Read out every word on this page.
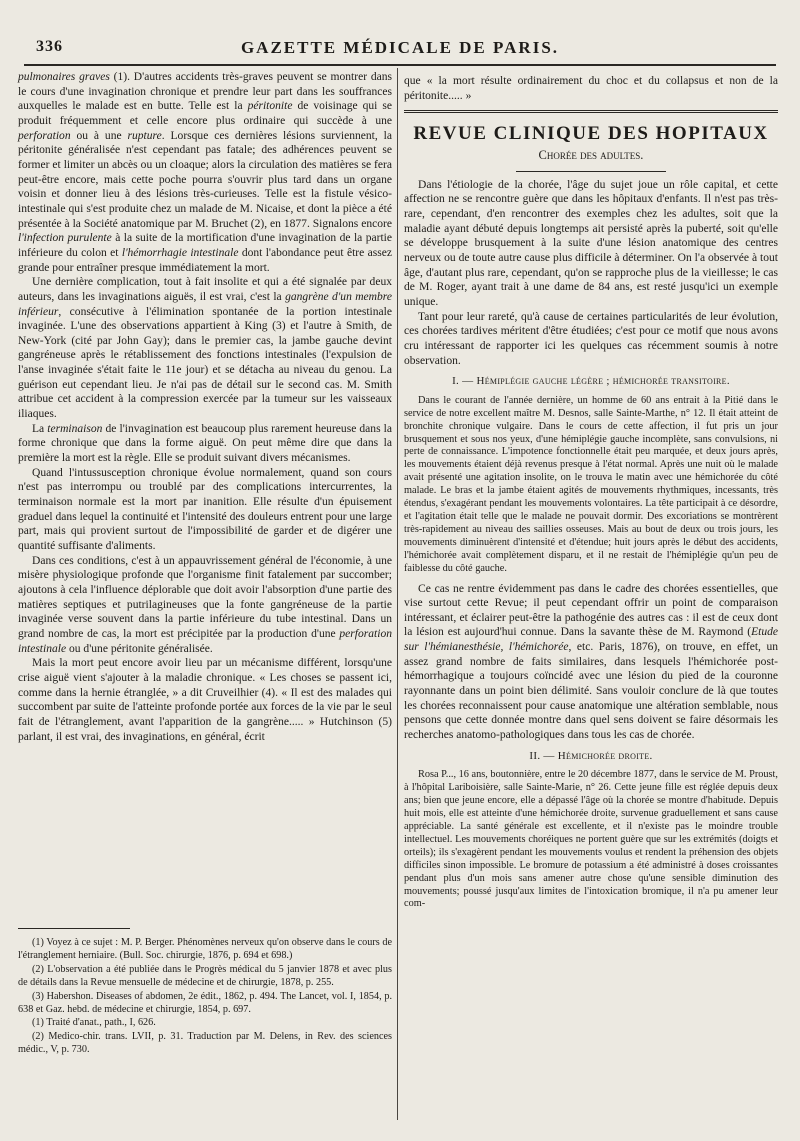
336	GAZETTE MÉDICALE DE PARIS.

pulmonaires graves (1). D'autres accidents très-graves peuvent se montrer dans le cours d'une invagination chronique et prendre leur part dans les souffrances auxquelles le malade est en butte. Telle est la péritonite de voisinage qui se produit fréquemment et celle encore plus ordinaire qui succède à une perforation ou à une rupture. Lorsque ces dernières lésions surviennent, la péritonite généralisée n'est cependant pas fatale; des adhérences peuvent se former et limiter un abcès ou un cloaque; alors la circulation des matières se fera peut-être encore, mais cette poche pourra s'ouvrir plus tard dans un organe voisin et donner lieu à des lésions très-curieuses. Telle est la fistule vésico-intestinale qui s'est produite chez un malade de M. Nicaise, et dont la pièce a été présentée à la Société anatomique par M. Bruchet (2), en 1877. Signalons encore l'infection purulente à la suite de la mortification d'une invagination de la partie inférieure du colon et l'hémorrhagie intestinale dont l'abondance peut être assez grande pour entraîner presque immédiatement la mort.

Une dernière complication, tout à fait insolite et qui a été signalée par deux auteurs, dans les invaginations aiguës, il est vrai, c'est la gangrène d'un membre inférieur, consécutive à l'élimination spontanée de la portion intestinale invaginée. L'une des observations appartient à King (3) et l'autre à Smith, de New-York (cité par John Gay); dans le premier cas, la jambe gauche devint gangréneuse après le rétablissement des fonctions intestinales (l'expulsion de l'anse invaginée s'était faite le 11e jour) et se détacha au niveau du genou. La guérison eut cependant lieu. Je n'ai pas de détail sur le second cas. M. Smith attribue cet accident à la compression exercée par la tumeur sur les vaisseaux iliaques.

La terminaison de l'invagination est beaucoup plus rarement heureuse dans la forme chronique que dans la forme aiguë. On peut même dire que dans la première la mort est la règle. Elle se produit suivant divers mécanismes.

Quand l'intussusception chronique évolue normalement, quand son cours n'est pas interrompu ou troublé par des complications intercurrentes, la terminaison normale est la mort par inanition. Elle résulte d'un épuisement graduel dans lequel la continuité et l'intensité des douleurs entrent pour une large part, mais qui provient surtout de l'impossibilité de garder et de digérer une quantité suffisante d'aliments.

Dans ces conditions, c'est à un appauvrissement général de l'économie, à une misère physiologique profonde que l'organisme finit fatalement par succomber; ajoutons à cela l'influence déplorable que doit avoir l'absorption d'une partie des matières septiques et putrilagineuses que la fonte gangréneuse de la partie invaginée verse souvent dans la partie inférieure du tube intestinal. Dans un grand nombre de cas, la mort est précipitée par la production d'une perforation intestinale ou d'une péritonite généralisée.

Mais la mort peut encore avoir lieu par un mécanisme différent, lorsqu'une crise aiguë vient s'ajouter à la maladie chronique. « Les choses se passent ici, comme dans la hernie étranglée, » a dit Cruveilhier (4). « Il est des malades qui succombent par suite de l'atteinte profonde portée aux forces de la vie par le seul fait de l'étranglement, avant l'apparition de la gangrène..... » Hutchinson (5) parlant, il est vrai, des invaginations, en général, écrit

(1) Voyez à ce sujet : M. P. Berger. Phénomènes nerveux qu'on observe dans le cours de l'étranglement herniaire. (Bull. Soc. chirurgie, 1876, p. 694 et 698.)

(2) L'observation a été publiée dans le Progrès médical du 5 janvier 1878 et avec plus de détails dans la Revue mensuelle de médecine et de chirurgie, 1878, p. 255.

(3) Habershon. Diseases of abdomen, 2e édit., 1862, p. 494. The Lancet, vol. I, 1854, p. 638 et Gaz. hebd. de médecine et chirurgie, 1854, p. 697.

(1) Traité d'anat., path., I, 626.

(2) Medico-chir. trans. LVII, p. 31. Traduction par M. Delens, in Rev. des sciences médic., V, p. 730.

que « la mort résulte ordinairement du choc et du collapsus et non de la péritonite..... »

REVUE CLINIQUE DES HOPITAUX
Chorée des adultes.

Dans l'étiologie de la chorée, l'âge du sujet joue un rôle capital, et cette affection ne se rencontre guère que dans les hôpitaux d'enfants. Il n'est pas très-rare, cependant, d'en rencontrer des exemples chez les adultes, soit que la maladie ayant débuté depuis longtemps ait persisté après la puberté, soit qu'elle se développe brusquement à la suite d'une lésion anatomique des centres nerveux ou de toute autre cause plus difficile à déterminer. On l'a observée à tout âge, d'autant plus rare, cependant, qu'on se rapproche plus de la vieillesse; le cas de M. Roger, ayant trait à une dame de 84 ans, est resté jusqu'ici un exemple unique.

Tant pour leur rareté, qu'à cause de certaines particularités de leur évolution, ces chorées tardives méritent d'être étudiées; c'est pour ce motif que nous avons cru intéressant de rapporter ici les quelques cas récemment soumis à notre observation.

I. — Hémiplégie gauche légère ; hémichorée transitoire.

Dans le courant de l'année dernière, un homme de 60 ans entrait à la Pitié dans le service de notre excellent maître M. Desnos, salle Sainte-Marthe, n° 12. Il était atteint de bronchite chronique vulgaire. Dans le cours de cette affection, il fut pris un jour brusquement et sous nos yeux, d'une hémiplégie gauche incomplète, sans convulsions, ni perte de connaissance. L'impotence fonctionnelle était peu marquée, et deux jours après, les mouvements étaient déjà revenus presque à l'état normal. Après une nuit où le malade avait présenté une agitation insolite, on le trouva le matin avec une hémichorée du côté malade. Le bras et la jambe étaient agités de mouvements rhythmiques, incessants, très étendus, s'exagérant pendant les mouvements volontaires. La tête participait à ce désordre, et l'agitation était telle que le malade ne pouvait dormir. Des excoriations se montrèrent très-rapidement au niveau des saillies osseuses. Mais au bout de deux ou trois jours, les mouvements diminuèrent d'intensité et d'étendue; huit jours après le début des accidents, l'hémichorée avait complètement disparu, et il ne restait de l'hémiplégie qu'un peu de faiblesse du côté gauche.

Ce cas ne rentre évidemment pas dans le cadre des chorées essentielles, que vise surtout cette Revue; il peut cependant offrir un point de comparaison intéressant, et éclairer peut-être la pathogénie des autres cas : il est de ceux dont la lésion est aujourd'hui connue. Dans la savante thèse de M. Raymond (Etude sur l'hémianesthésie, l'hémichorée, etc. Paris, 1876), on trouve, en effet, un assez grand nombre de faits similaires, dans lesquels l'hémichorée post-hémorrhagique a toujours coïncidé avec une lésion du pied de la couronne rayonnante dans un point bien délimité. Sans vouloir conclure de là que toutes les chorées reconnaissent pour cause anatomique une altération semblable, nous pensons que cette donnée montre dans quel sens doivent se faire désormais les recherches anatomo-pathologiques dans tous les cas de chorée.

II. — Hémichorée droite.

Rosa P..., 16 ans, boutonnière, entre le 20 décembre 1877, dans le service de M. Proust, à l'hôpital Lariboisière, salle Sainte-Marie, n° 26. Cette jeune fille est réglée depuis deux ans; bien que jeune encore, elle a dépassé l'âge où la chorée se montre d'habitude. Depuis huit mois, elle est atteinte d'une hémichorée droite, survenue graduellement et sans cause appréciable. La santé générale est excellente, et il n'existe pas le moindre trouble intellectuel. Les mouvements choréiques ne portent guère que sur les extrémités (doigts et orteils); ils s'exagèrent pendant les mouvements voulus et rendent la préhension des objets difficiles sinon impossible. Le bromure de potassium a été administré à doses croissantes pendant plus d'un mois sans amener autre chose qu'une sensible diminution des mouvements; poussé jusqu'aux limites de l'intoxication bromique, il n'a pu amener leur com-
